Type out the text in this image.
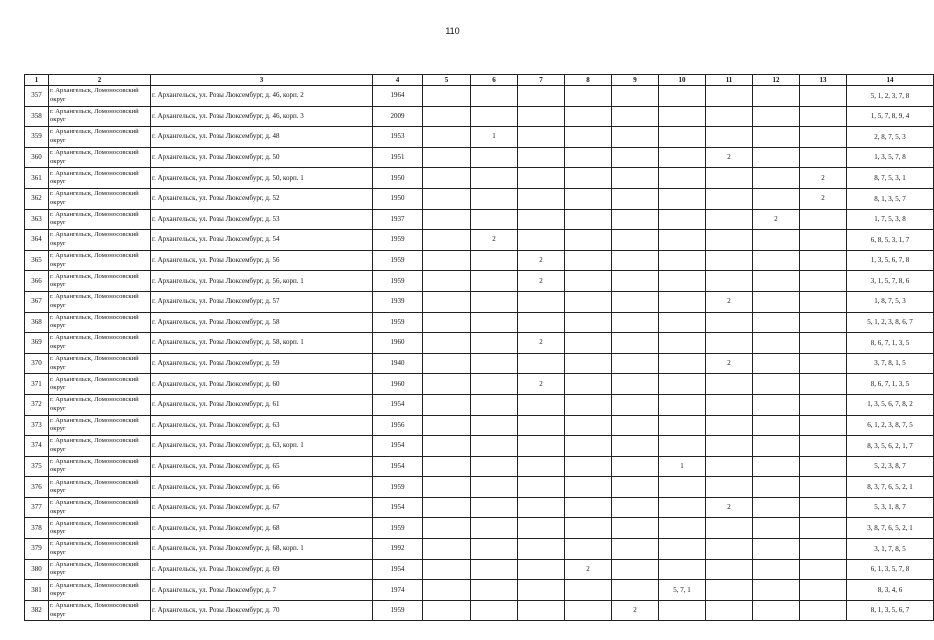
110
1	2	3	4	5	6	7	8	9	10	11	12	13	14
357	г. Архангельск, Ломоносовский округ	г. Архангельск, ул. Розы Люксембург, д. 46, корп. 2	1964										5, 1, 2, 3, 7, 8
358	г. Архангельск, Ломоносовский округ	г. Архангельск, ул. Розы Люксембург, д. 46, корп. 3	2009										1, 5, 7, 8, 9, 4
359	г. Архангельск, Ломоносовский округ	г. Архангельск, ул. Розы Люксембург, д. 48	1953		1								2, 8, 7, 5, 3
360	г. Архангельск, Ломоносовский округ	г. Архангельск, ул. Розы Люксембург, д. 50	1951							2			1, 3, 5, 7, 8
361	г. Архангельск, Ломоносовский округ	г. Архангельск, ул. Розы Люксембург, д. 50, корп. 1	1950									2	8, 7, 5, 3, 1
362	г. Архангельск, Ломоносовский округ	г. Архангельск, ул. Розы Люксембург, д. 52	1950									2	8, 1, 3, 5, 7
363	г. Архангельск, Ломоносовский округ	г. Архангельск, ул. Розы Люксембург, д. 53	1937								2		1, 7, 5, 3, 8
364	г. Архангельск, Ломоносовский округ	г. Архангельск, ул. Розы Люксембург, д. 54	1959		2								6, 8, 5, 3, 1, 7
365	г. Архангельск, Ломоносовский округ	г. Архангельск, ул. Розы Люксембург, д. 56	1959			2							1, 3, 5, 6, 7, 8
366	г. Архангельск, Ломоносовский округ	г. Архангельск, ул. Розы Люксембург, д. 56, корп. 1	1959			2							3, 1, 5, 7, 8, 6
367	г. Архангельск, Ломоносовский округ	г. Архангельск, ул. Розы Люксембург, д. 57	1939							2			1, 8, 7, 5, 3
368	г. Архангельск, Ломоносовский округ	г. Архангельск, ул. Розы Люксембург, д. 58	1959										5, 1, 2, 3, 8, 6, 7
369	г. Архангельск, Ломоносовский округ	г. Архангельск, ул. Розы Люксембург, д. 58, корп. 1	1960			2							8, 6, 7, 1, 3, 5
370	г. Архангельск, Ломоносовский округ	г. Архангельск, ул. Розы Люксембург, д. 59	1940							2			3, 7, 8, 1, 5
371	г. Архангельск, Ломоносовский округ	г. Архангельск, ул. Розы Люксембург, д. 60	1960			2							8, 6, 7, 1, 3, 5
372	г. Архангельск, Ломоносовский округ	г. Архангельск, ул. Розы Люксембург, д. 61	1954										1, 3, 5, 6, 7, 8, 2
373	г. Архангельск, Ломоносовский округ	г. Архангельск, ул. Розы Люксембург, д. 63	1956										6, 1, 2, 3, 8, 7, 5
374	г. Архангельск, Ломоносовский округ	г. Архангельск, ул. Розы Люксембург, д. 63, корп. 1	1954										8, 3, 5, 6, 2, 1, 7
375	г. Архангельск, Ломоносовский округ	г. Архангельск, ул. Розы Люксембург, д. 65	1954						1				5, 2, 3, 8, 7
376	г. Архангельск, Ломоносовский округ	г. Архангельск, ул. Розы Люксембург, д. 66	1959										8, 3, 7, 6, 5, 2, 1
377	г. Архангельск, Ломоносовский округ	г. Архангельск, ул. Розы Люксембург, д. 67	1954							2			5, 3, 1, 8, 7
378	г. Архангельск, Ломоносовский округ	г. Архангельск, ул. Розы Люксембург, д. 68	1959										3, 8, 7, 6, 5, 2, 1
379	г. Архангельск, Ломоносовский округ	г. Архангельск, ул. Розы Люксембург, д. 68, корп. 1	1992										3, 1, 7, 8, 5
380	г. Архангельск, Ломоносовский округ	г. Архангельск, ул. Розы Люксембург, д. 69	1954				2						6, 1, 3, 5, 7, 8
381	г. Архангельск, Ломоносовский округ	г. Архангельск, ул. Розы Люксембург, д. 7	1974						5, 7, 1				8, 3, 4, 6
382	г. Архангельск, Ломоносовский округ	г. Архангельск, ул. Розы Люксембург, д. 70	1959					2					8, 1, 3, 5, 6, 7
